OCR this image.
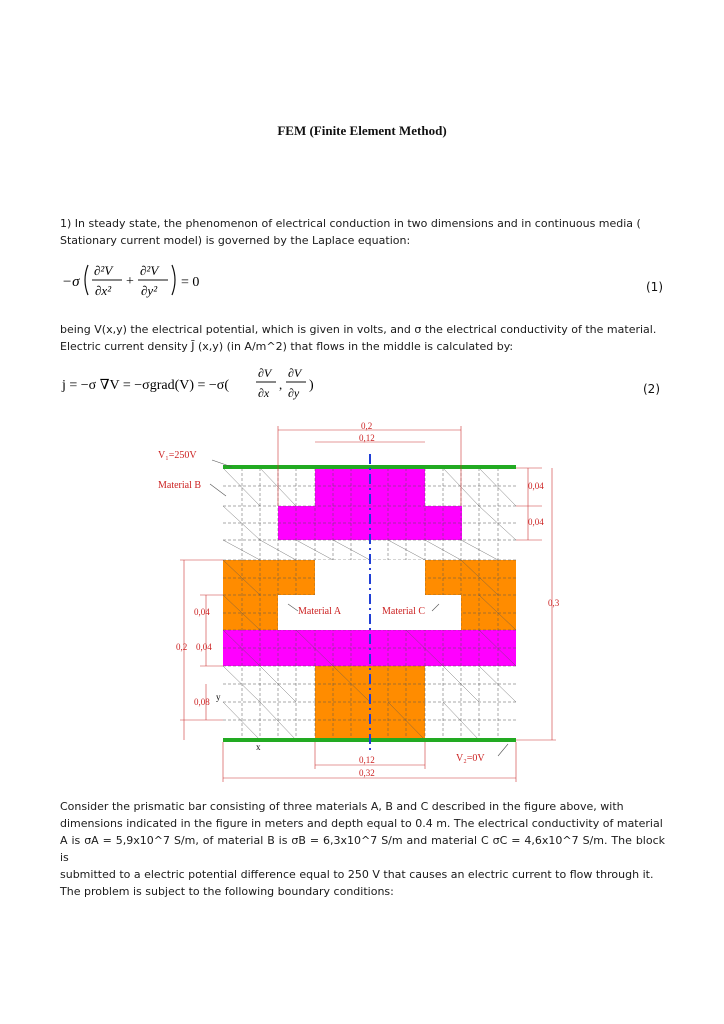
FEM (Finite Element Method)
1) In steady state, the phenomenon of electrical conduction in two dimensions and in continuous media (
Stationary current model) is governed by the Laplace equation:
−σ
∂²V
∂x²
+
∂²V
∂y²
= 0	(1)
being V(x,y) the electrical potential, which is given in volts, and σ the electrical conductivity of the material.
Electric current density J̄ (x,y) (in A/m^2) that flows in the middle is calculated by:
j = −σ ∇V = −σgrad(V) = −σ(
∂V
∂x
,
∂V
∂y )	(2)
V₁=250V
Material B
Material A	Material C
V₂=0V
0,2
0,12
0,12
0,32
0,04
0,04
0,3
0,04
0,2 0,04
0,08
x
y
Consider the prismatic bar consisting of three materials A, B and C described in the figure above, with
dimensions indicated in the figure in meters and depth equal to 0.4 m. The electrical conductivity of material
A is σA = 5,9x10^7 S/m, of material B is σB = 6,3x10^7 S/m and material C σC = 4,6x10^7 S/m. The block is
submitted to a electric potential difference equal to 250 V that causes an electric current to flow through it.
The problem is subject to the following boundary conditions:
